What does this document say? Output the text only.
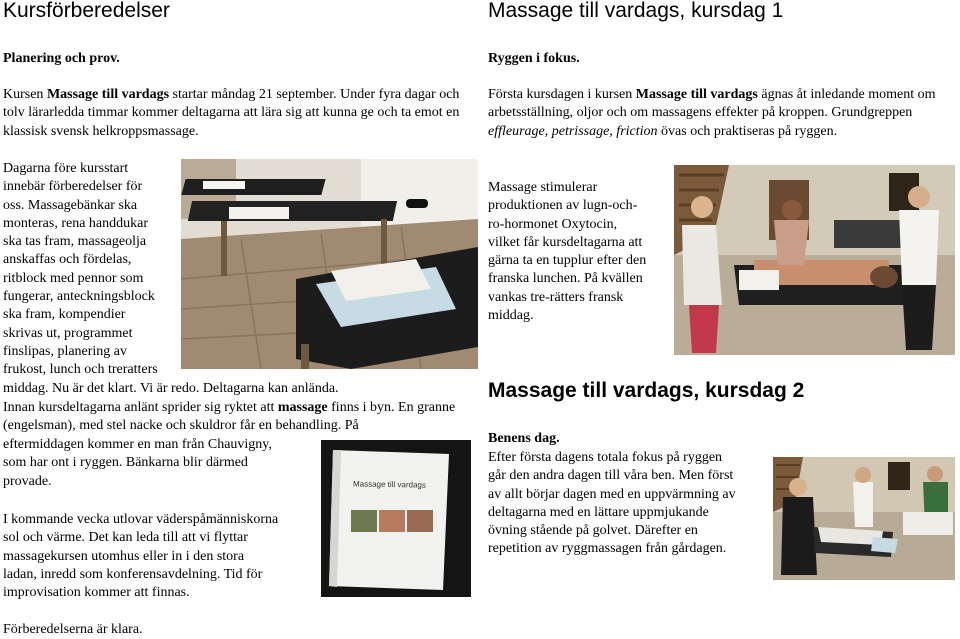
Kursförberedelser

Planering och prov.

Kursen Massage till vardags startar måndag 21 september. Under fyra dagar och tolv lärarledda timmar kommer deltagarna att lära sig att kunna ge och ta emot en klassisk svensk helkroppsmassage.

Dagarna före kursstart

innebär förberedelser för

oss. Massagebänkar ska

monteras, rena handdukar

ska tas fram, massageolja

anskaffas och fördelas,

ritblock med pennor som

fungerar, anteckningsblock

ska fram, kompendier

skrivas ut, programmet

finslipas, planering av

frukost, lunch och treratters

middag. Nu är det klart. Vi är redo. Deltagarna kan anlända.

Innan kursdeltagarna anlänt sprider sig ryktet att massage finns i byn. En granne (engelsman), med stel nacke och skuldror får en behandling. På

eftermiddagen kommer en man från Chauvigny,

som har ont i ryggen. Bänkarna blir därmed

provade.

I kommande vecka utlovar väderspåmänniskorna

sol och värme. Det kan leda till att vi flyttar

massagekursen utomhus eller in i den stora

ladan, inredd som konferensavdelning. Tid för

improvisation kommer att finnas.

Förberedelserna är klara.

Massage till vardags
Massage till vardags, kursdag 1

Ryggen i fokus.

Första kursdagen i kursen Massage till vardags ägnas åt inledande moment om arbetsställning, oljor och om massagens effekter på kroppen. Grundgreppen effleurage, petrissage, friction övas och praktiseras på ryggen.

Massage stimulerar

produktionen av lugn-och-

ro-hormonet Oxytocin,

vilket får kursdeltagarna att

gärna ta en tupplur efter den

franska lunchen. På kvällen

vankas tre-rätters fransk

middag.

Massage till vardags, kursdag 2

Benens dag.

Efter första dagens totala fokus på ryggen

går den andra dagen till våra ben. Men först

av allt börjar dagen med en uppvärmning av

deltagarna med en lättare uppmjukande

övning stående på golvet. Därefter en

repetition av ryggmassagen från gårdagen.
